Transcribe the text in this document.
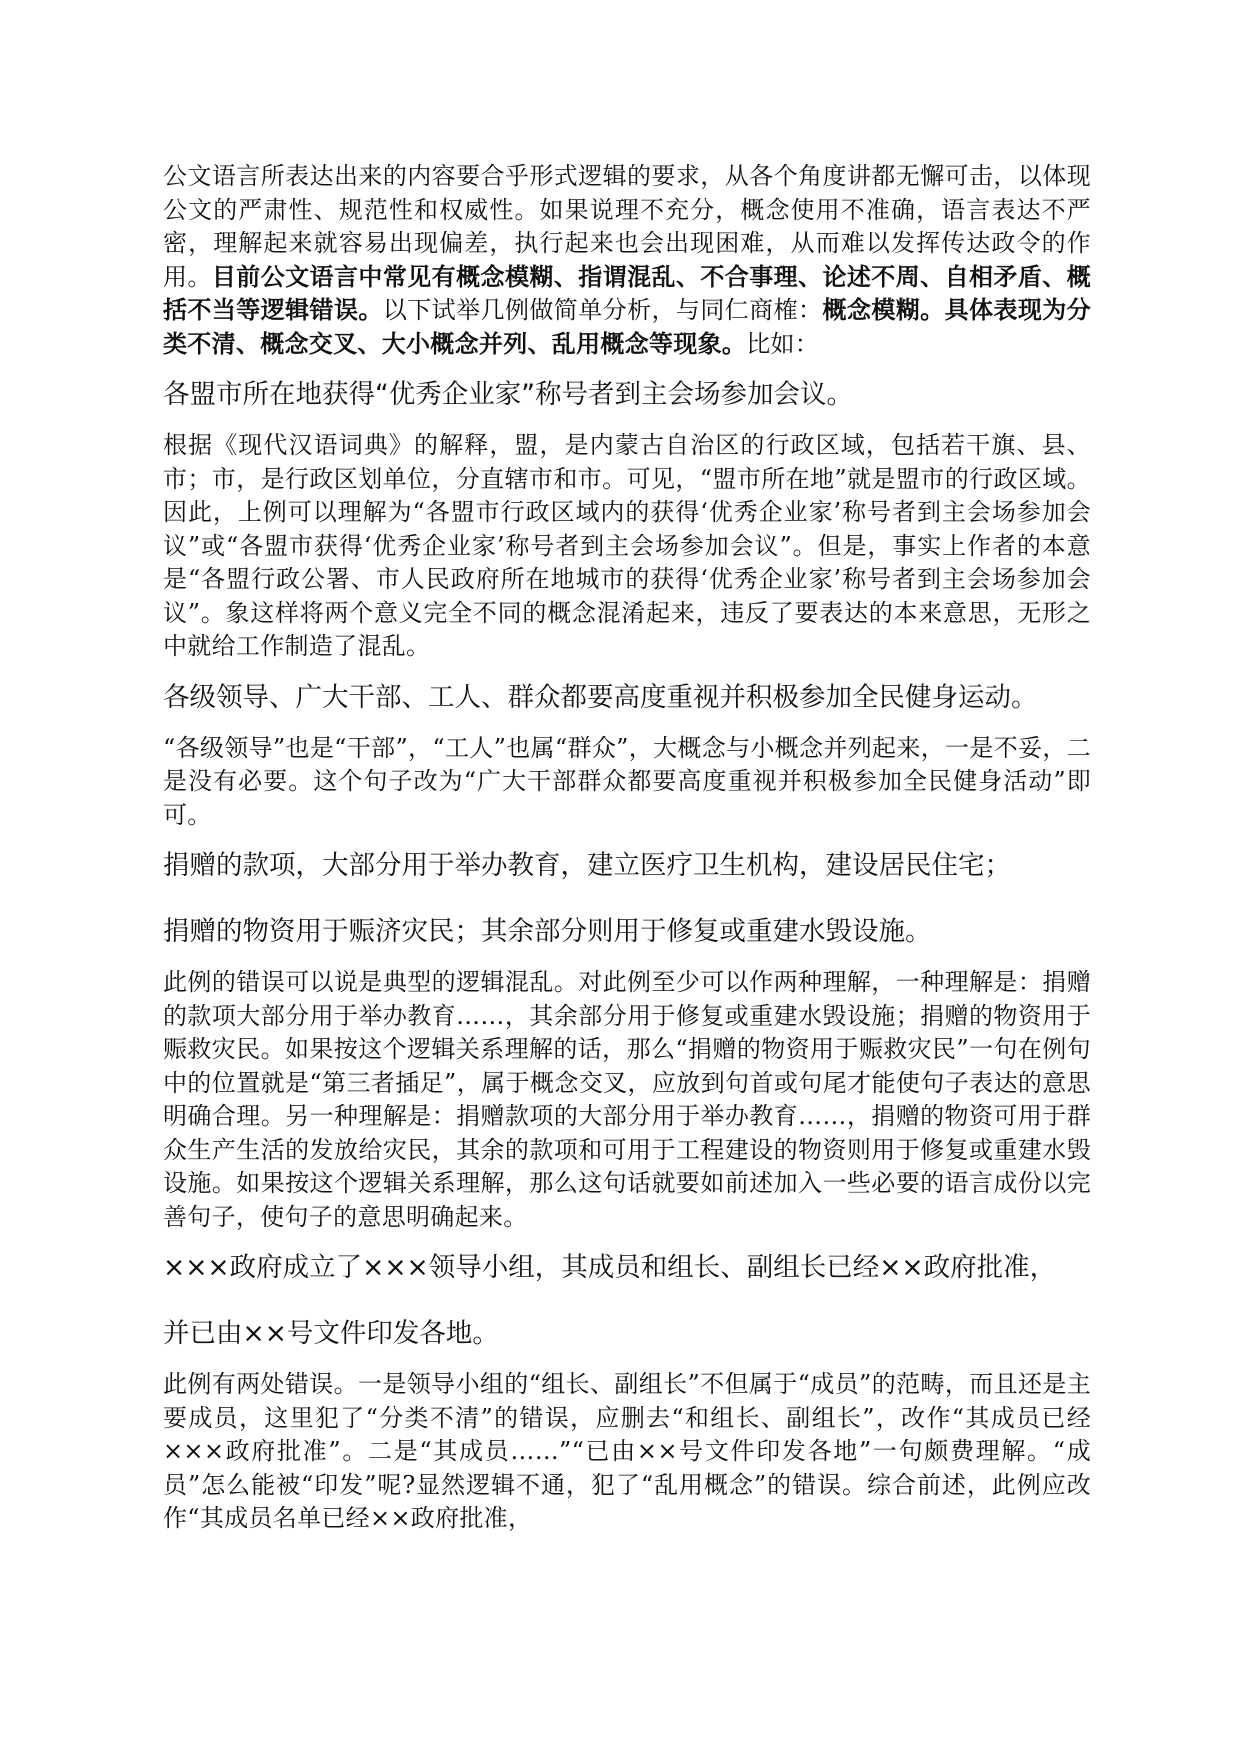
公文语言所表达出来的内容要合乎形式逻辑的要求，从各个角度讲都无懈可击，以体现公文的严肃性、规范性和权威性。如果说理不充分，概念使用不准确，语言表达不严密，理解起来就容易出现偏差，执行起来也会出现困难，从而难以发挥传达政令的作用。目前公文语言中常见有概念模糊、指谓混乱、不合事理、论述不周、自相矛盾、概括不当等逻辑错误。以下试举几例做简单分析，与同仁商榷：概念模糊。具体表现为分类不清、概念交叉、大小概念并列、乱用概念等现象。比如：

各盟市所在地获得“优秀企业家”称号者到主会场参加会议。

根据《现代汉语词典》的解释，盟，是内蒙古自治区的行政区域，包括若干旗、县、市；市，是行政区划单位，分直辖市和市。可见，“盟市所在地”就是盟市的行政区域。因此，上例可以理解为“各盟市行政区域内的获得‘优秀企业家’称号者到主会场参加会议”或“各盟市获得‘优秀企业家’称号者到主会场参加会议”。但是，事实上作者的本意是“各盟行政公署、市人民政府所在地城市的获得‘优秀企业家’称号者到主会场参加会议”。象这样将两个意义完全不同的概念混淆起来，违反了要表达的本来意思，无形之中就给工作制造了混乱。

各级领导、广大干部、工人、群众都要高度重视并积极参加全民健身运动。

“各级领导”也是“干部”，“工人”也属“群众”，大概念与小概念并列起来，一是不妥，二是没有必要。这个句子改为“广大干部群众都要高度重视并积极参加全民健身活动”即可。

捐赠的款项，大部分用于举办教育，建立医疗卫生机构，建设居民住宅；
捐赠的物资用于赈济灾民；其余部分则用于修复或重建水毁设施。

此例的错误可以说是典型的逻辑混乱。对此例至少可以作两种理解，一种理解是：捐赠的款项大部分用于举办教育……，其余部分用于修复或重建水毁设施；捐赠的物资用于赈救灾民。如果按这个逻辑关系理解的话，那么“捐赠的物资用于赈救灾民”一句在例句中的位置就是“第三者插足”，属于概念交叉，应放到句首或句尾才能使句子表达的意思明确合理。另一种理解是：捐赠款项的大部分用于举办教育……，捐赠的物资可用于群众生产生活的发放给灾民，其余的款项和可用于工程建设的物资则用于修复或重建水毁设施。如果按这个逻辑关系理解，那么这句话就要如前述加入一些必要的语言成份以完善句子，使句子的意思明确起来。

×××政府成立了×××领导小组，其成员和组长、副组长已经××政府批准，
并已由××号文件印发各地。

此例有两处错误。一是领导小组的“组长、副组长”不但属于“成员”的范畴，而且还是主要成员，这里犯了“分类不清”的错误，应删去“和组长、副组长”，改作“其成员已经×××政府批准”。二是“其成员……”“已由××号文件印发各地”一句颇费理解。“成员”怎么能被“印发”呢?显然逻辑不通，犯了“乱用概念”的错误。综合前述，此例应改作“其成员名单已经××政府批准，
